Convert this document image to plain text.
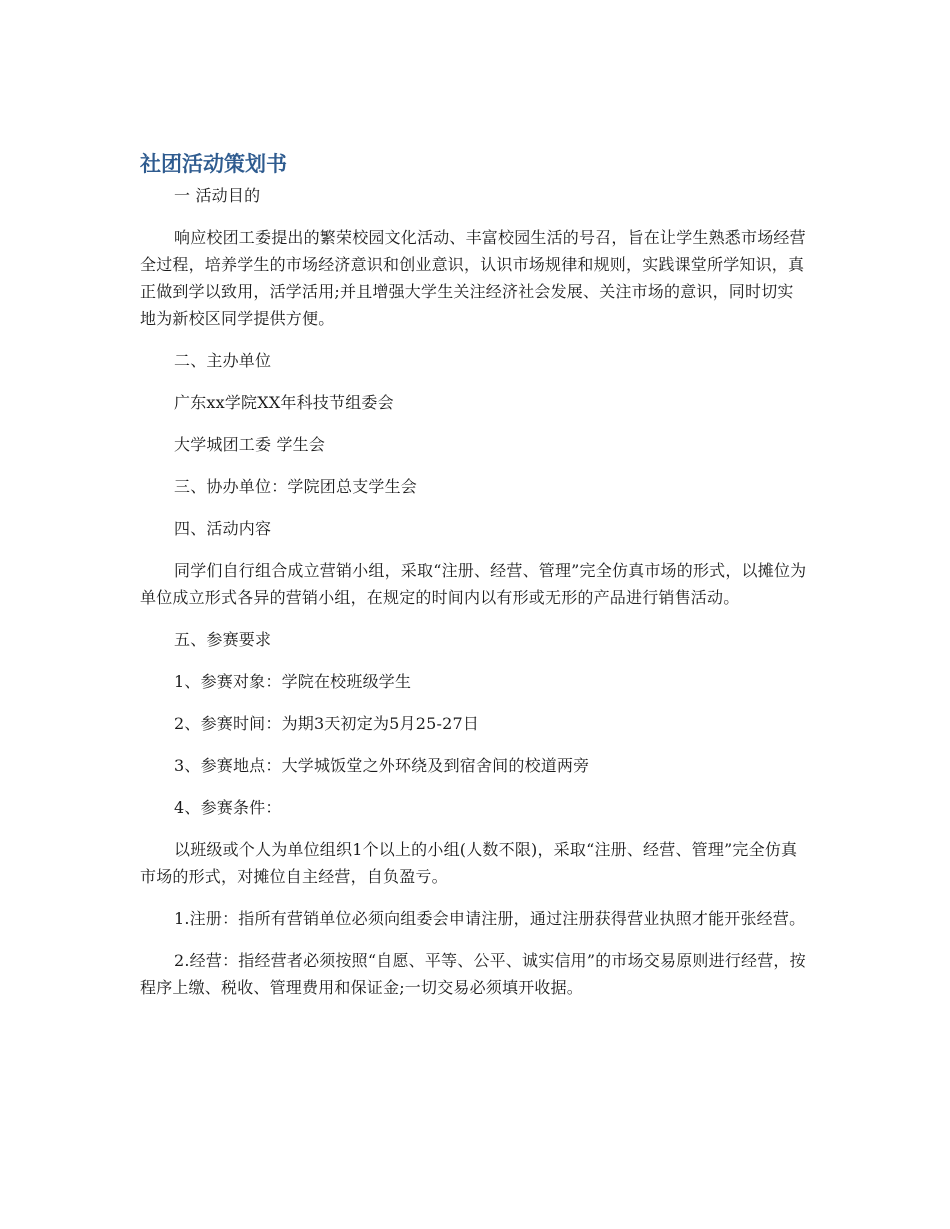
社团活动策划书

一 活动目的

响应校团工委提出的繁荣校园文化活动、丰富校园生活的号召，旨在让学生熟悉市场经营全过程，培养学生的市场经济意识和创业意识，认识市场规律和规则，实践课堂所学知识，真正做到学以致用，活学活用;并且增强大学生关注经济社会发展、关注市场的意识，同时切实地为新校区同学提供方便。

二、主办单位

广东xx学院XX年科技节组委会

大学城团工委 学生会

三、协办单位：学院团总支学生会

四、活动内容

同学们自行组合成立营销小组，采取“注册、经营、管理”完全仿真市场的形式，以摊位为单位成立形式各异的营销小组，在规定的时间内以有形或无形的产品进行销售活动。

五、参赛要求

1、参赛对象：学院在校班级学生

2、参赛时间：为期3天初定为5月25-27日

3、参赛地点：大学城饭堂之外环绕及到宿舍间的校道两旁

4、参赛条件：

以班级或个人为单位组织1个以上的小组(人数不限)，采取“注册、经营、管理”完全仿真市场的形式，对摊位自主经营，自负盈亏。

1.注册：指所有营销单位必须向组委会申请注册，通过注册获得营业执照才能开张经营。

2.经营：指经营者必须按照“自愿、平等、公平、诚实信用”的市场交易原则进行经营，按程序上缴、税收、管理费用和保证金;一切交易必须填开收据。
